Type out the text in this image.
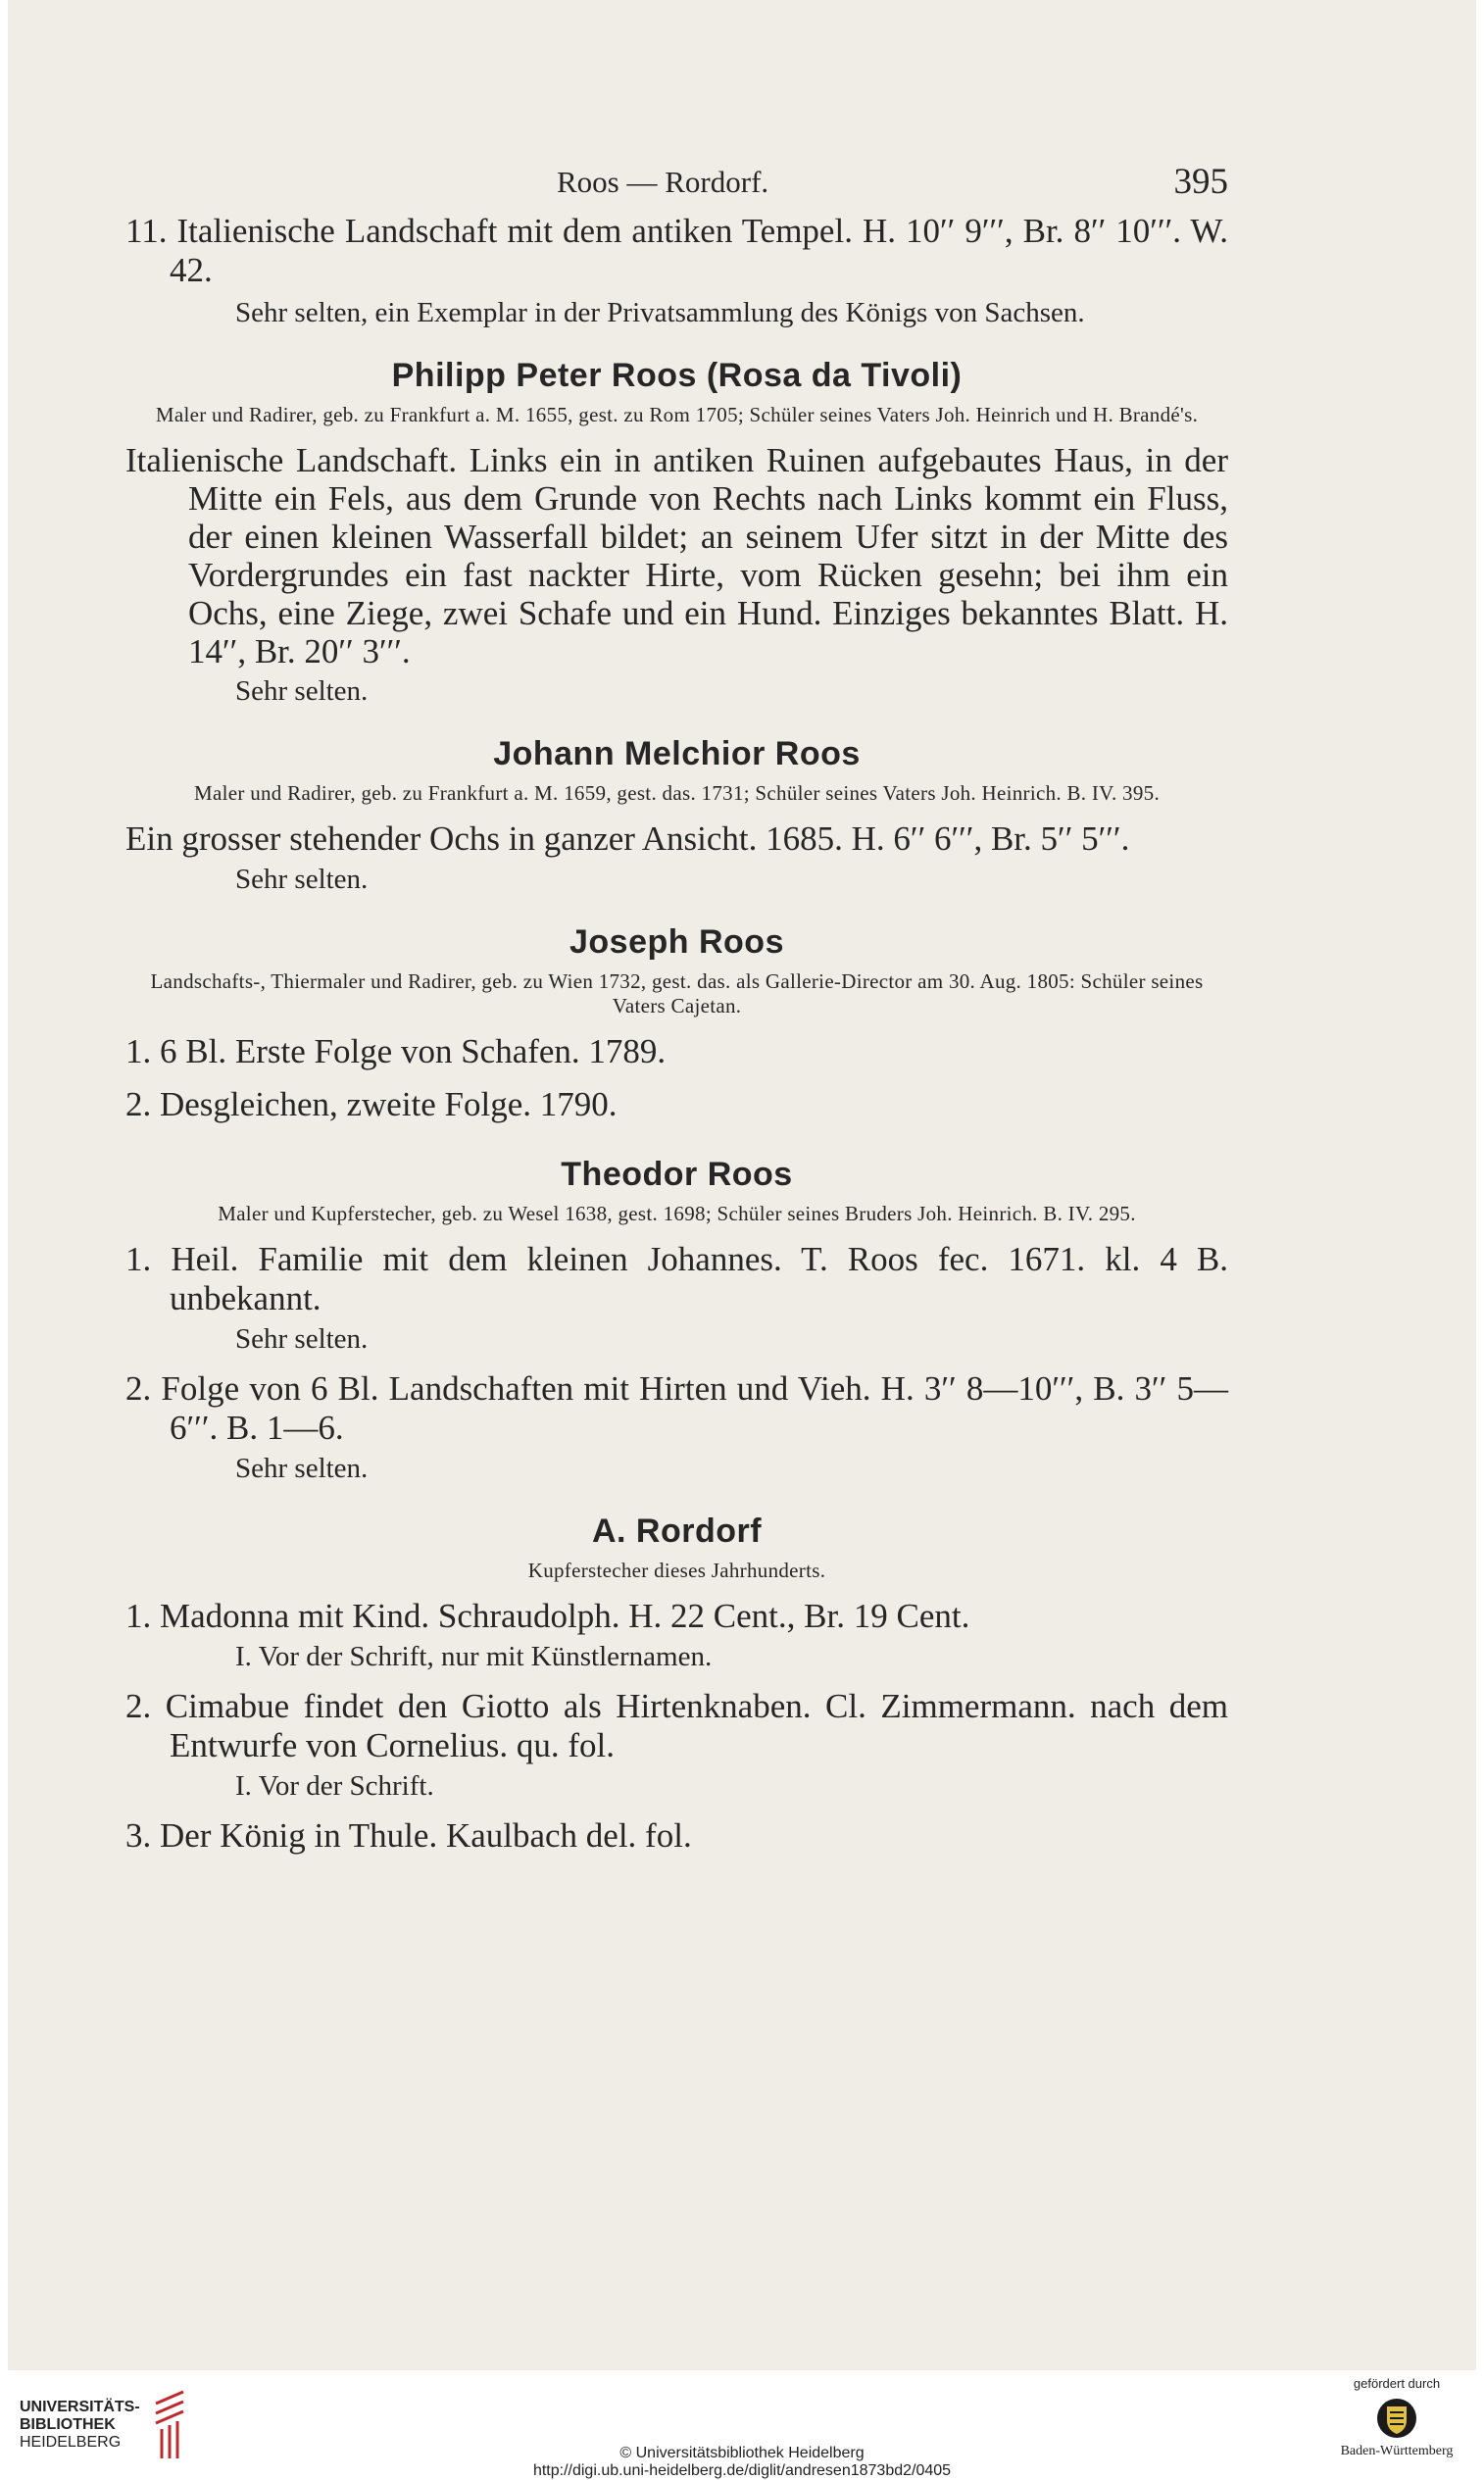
Roos — Rordorf.	395

11. Italienische Landschaft mit dem antiken Tempel. H. 10′′ 9′′′, Br. 8′′ 10′′′. W. 42.

Sehr selten, ein Exemplar in der Privatsammlung des Königs von Sachsen.

Philipp Peter Roos (Rosa da Tivoli)
Maler und Radirer, geb. zu Frankfurt a. M. 1655, gest. zu Rom 1705; Schüler seines Vaters Joh. Heinrich und H. Brandé's.

Italienische Landschaft. Links ein in antiken Ruinen aufgebautes Haus, in der Mitte ein Fels, aus dem Grunde von Rechts nach Links kommt ein Fluss, der einen kleinen Wasserfall bildet; an seinem Ufer sitzt in der Mitte des Vordergrundes ein fast nackter Hirte, vom Rücken gesehn; bei ihm ein Ochs, eine Ziege, zwei Schafe und ein Hund. Einziges bekanntes Blatt. H. 14′′, Br. 20′′ 3′′′.

Sehr selten.

Johann Melchior Roos
Maler und Radirer, geb. zu Frankfurt a. M. 1659, gest. das. 1731; Schüler seines Vaters Joh. Heinrich. B. IV. 395.

Ein grosser stehender Ochs in ganzer Ansicht. 1685. H. 6′′ 6′′′, Br. 5′′ 5′′′.

Sehr selten.

Joseph Roos
Landschafts-, Thiermaler und Radirer, geb. zu Wien 1732, gest. das. als Gallerie-Director am 30. Aug. 1805: Schüler seines Vaters Cajetan.

1. 6 Bl. Erste Folge von Schafen. 1789.

2. Desgleichen, zweite Folge. 1790.

Theodor Roos
Maler und Kupferstecher, geb. zu Wesel 1638, gest. 1698; Schüler seines Bruders Joh. Heinrich. B. IV. 295.

1. Heil. Familie mit dem kleinen Johannes. T. Roos fec. 1671. kl. 4 B. unbekannt.

Sehr selten.

2. Folge von 6 Bl. Landschaften mit Hirten und Vieh. H. 3′′ 8—10′′′, B. 3′′ 5—6′′′. B. 1—6.

Sehr selten.

A. Rordorf
Kupferstecher dieses Jahrhunderts.

1. Madonna mit Kind. Schraudolph. H. 22 Cent., Br. 19 Cent.

I. Vor der Schrift, nur mit Künstlernamen.

2. Cimabue findet den Giotto als Hirtenknaben. Cl. Zimmermann. nach dem Entwurfe von Cornelius. qu. fol.

I. Vor der Schrift.

3. Der König in Thule. Kaulbach del. fol.

UNIVERSITÄTS-
BIBLIOTHEK
HEIDELBERG
© Universitätsbibliothek Heidelberg
http://digi.ub.uni-heidelberg.de/diglit/andresen1873bd2/0405
gefördert durch
Baden-Württemberg
